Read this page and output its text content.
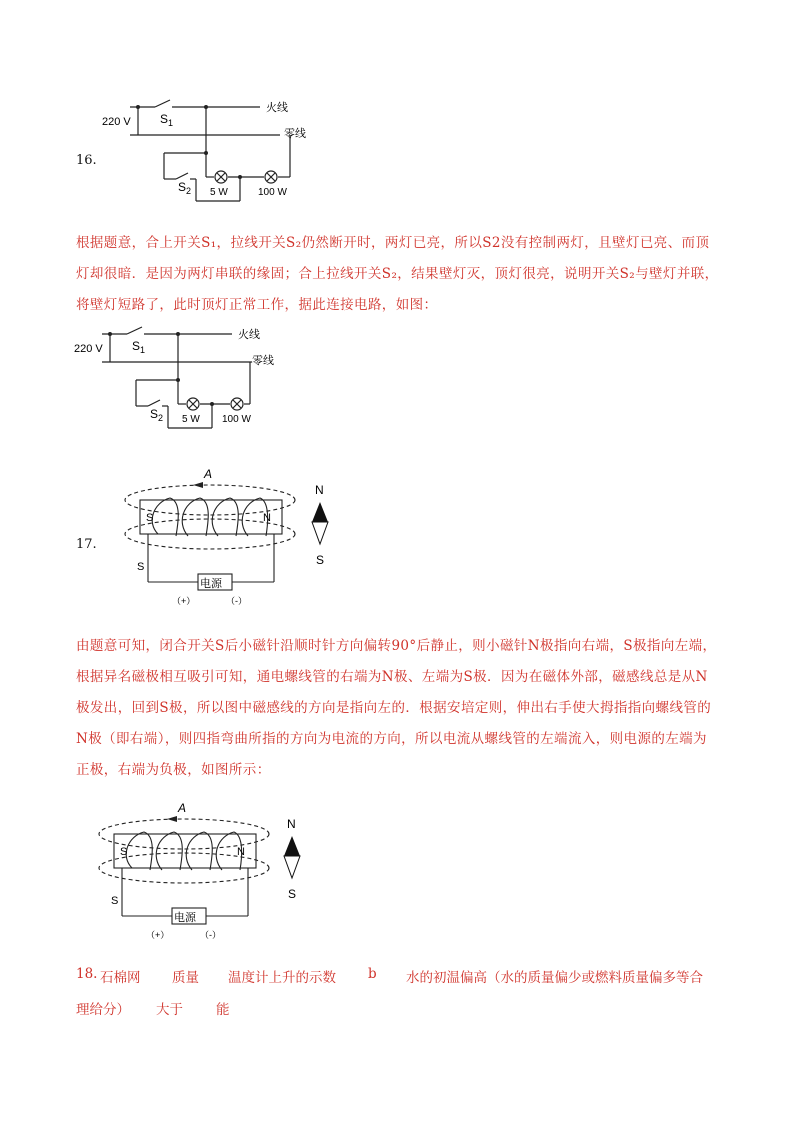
16.
220 V
火线
零线
S 1
S 2 5 W	100 W
根据题意，合上开关S₁，拉线开关S₂仍然断开时，两灯已亮，所以S2没有控制两灯，且壁灯已亮、而顶
灯却很暗．是因为两灯串联的缘固；合上拉线开关S₂，结果壁灯灭，顶灯很亮，说明开关S₂与壁灯并联，
将壁灯短路了，此时顶灯正常工作，据此连接电路，如图：
220 V
火线
零线
S 1
S 2 5 W 100 W
17.
A
S	N
S
电源
（+）	（-）
N
S
由题意可知，闭合开关S后小磁针沿顺时针方向偏转90°后静止，则小磁针N极指向右端，S极指向左端，
根据异名磁极相互吸引可知，通电螺线管的右端为N极、左端为S极．因为在磁体外部，磁感线总是从N
极发出，回到S极，所以图中磁感线的方向是指向左的．根据安培定则，伸出右手使大拇指指向螺线管的
N极（即右端），则四指弯曲所指的方向为电流的方向，所以电流从螺线管的左端流入，则电源的左端为
正极，右端为负极，如图所示：
A
S	N
S
电源
（+）	（-）
N
S
18. 石棉网 质量 温度计上升的示数 b 水的初温偏高（水的质量偏少或燃料质量偏多等合
理给分） 大于 能
